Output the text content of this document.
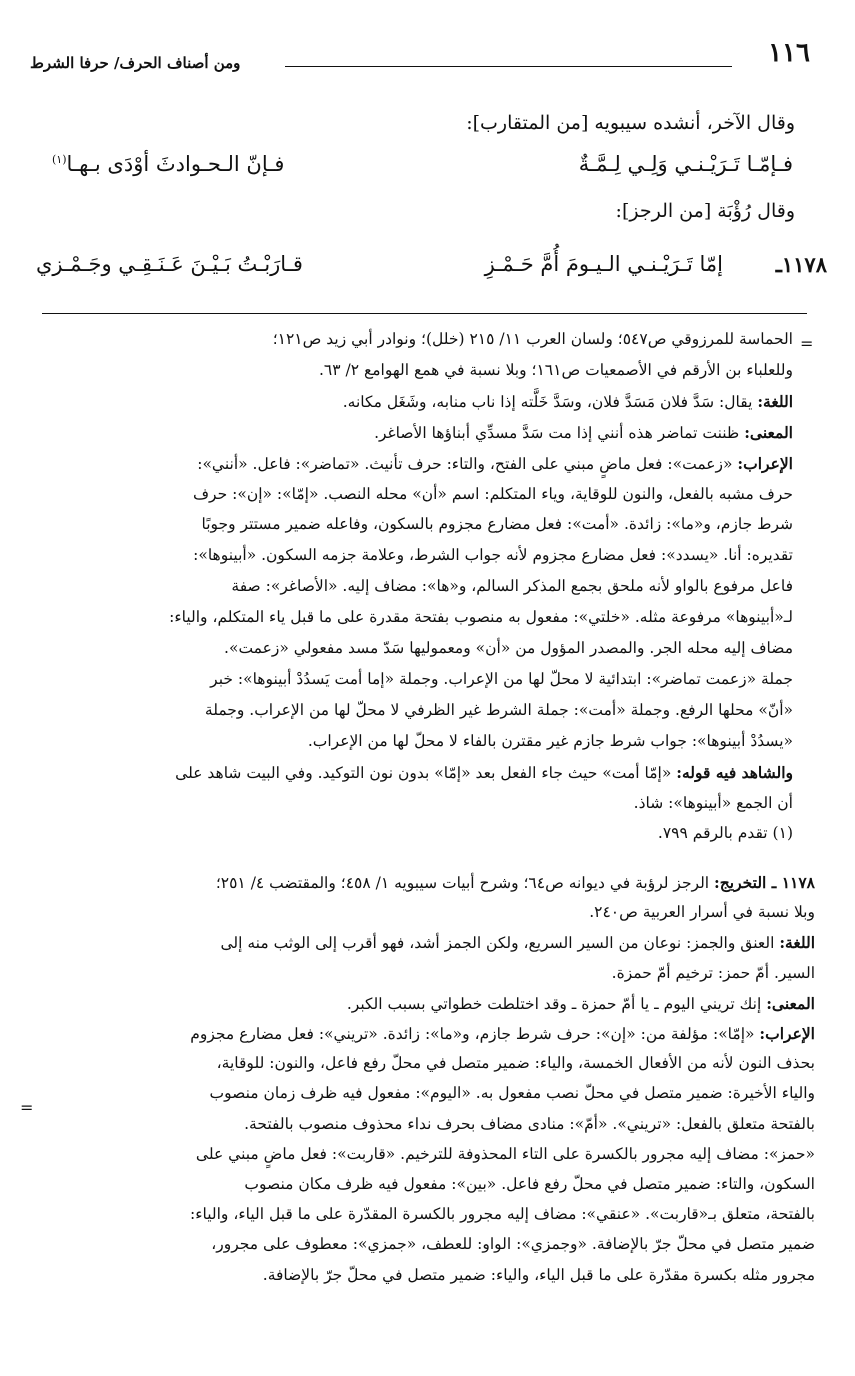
١١٦
ومن أصناف الحرف/ حرفا الشرط
وقال الآخر، أنشده سيبويه [من المتقارب]:
فـإمّـا تَـرَيْـنـي وَلِـي لِـمَّـةٌ
فـإنّ الـحـوادثَ أوْدَى بـهـا$^{(١)}$
وقال رُؤْبَة [من الرجز]:
١١٧٨ـ
إمّا تَـرَيْـنـي الـيـومَ أُمَّ حَـمْـزِ
قـارَبْـتُ بَـيْـنَ عَـنَـقِـي وجَـمْـزي
=
=
الحماسة للمرزوقي ص٥٤٧؛ ولسان العرب ١١/ ٢١٥ (خلل)؛ ونوادر أبي زيد ص١٢١؛
وللعلباء بن الأرقم في الأصمعيات ص١٦١؛ وبلا نسبة في همع الهوامع ٢/ ٦٣.
اللغة: يقال: سَدَّ فلان مَسَدَّ فلان، وسَدَّ خَلَّته إذا ناب منابه، وشَغَل مكانه.
المعنى: ظننت تماضر هذه أنني إذا مت سَدَّ مسدِّي أبناؤها الأصاغر.
الإعراب: «زعمت»: فعل ماضٍ مبني على الفتح، والتاء: حرف تأنيث. «تماضر»: فاعل. «أنني»:
حرف مشبه بالفعل، والنون للوقاية، وياء المتكلم: اسم «أن» محله النصب. «إمّا»: «إن»: حرف
شرط جازم، و«ما»: زائدة. «أمت»: فعل مضارع مجزوم بالسكون، وفاعله ضمير مستتر وجوبًا
تقديره: أنا. «يسدد»: فعل مضارع مجزوم لأنه جواب الشرط، وعلامة جزمه السكون. «أبينوها»:
فاعل مرفوع بالواو لأنه ملحق بجمع المذكر السالم، و«ها»: مضاف إليه. «الأصاغر»: صفة
لـ«أبينوها» مرفوعة مثله. «خلتي»: مفعول به منصوب بفتحة مقدرة على ما قبل ياء المتكلم، والياء:
مضاف إليه محله الجر. والمصدر المؤول من «أن» ومعموليها سَدّ مسد مفعولي «زعمت».
جملة «زعمت تماضر»: ابتدائية لا محلّ لها من الإعراب. وجملة «إما أمت يَسدُدْ أبينوها»: خبر
«أنّ» محلها الرفع. وجملة «أمت»: جملة الشرط غير الظرفي لا محلّ لها من الإعراب. وجملة
«يسدُدْ أبينوها»: جواب شرط جازم غير مقترن بالفاء لا محلّ لها من الإعراب.
والشاهد فيه قوله: «إمّا أمت» حيث جاء الفعل بعد «إمّا» بدون نون التوكيد. وفي البيت شاهد على
أن الجمع «أبينوها»: شاذ.
(١) تقدم بالرقم ٧٩٩.
١١٧٨ ـ التخريج: الرجز لرؤبة في ديوانه ص٦٤؛ وشرح أبيات سيبويه ١/ ٤٥٨؛ والمقتضب ٤/ ٢٥١؛
وبلا نسبة في أسرار العربية ص٢٤٠.
اللغة: العنق والجمز: نوعان من السير السريع، ولكن الجمز أشد، فهو أقرب إلى الوثب منه إلى
السير. أمّ حمز: ترخيم أمّ حمزة.
المعنى: إنك تريني اليوم ـ يا أمّ حمزة ـ وقد اختلطت خطواتي بسبب الكبر.
الإعراب: «إمّا»: مؤلفة من: «إن»: حرف شرط جازم، و«ما»: زائدة. «تريني»: فعل مضارع مجزوم
بحذف النون لأنه من الأفعال الخمسة، والياء: ضمير متصل في محلّ رفع فاعل، والنون: للوقاية،
والياء الأخيرة: ضمير متصل في محلّ نصب مفعول به. «اليوم»: مفعول فيه ظرف زمان منصوب
بالفتحة متعلق بالفعل: «تريني». «أمّ»: منادى مضاف بحرف نداء محذوف منصوب بالفتحة.
«حمز»: مضاف إليه مجرور بالكسرة على التاء المحذوفة للترخيم. «قاربت»: فعل ماضٍ مبني على
السكون، والتاء: ضمير متصل في محلّ رفع فاعل. «بين»: مفعول فيه ظرف مكان منصوب
بالفتحة، متعلق بـ«قاربت». «عنقي»: مضاف إليه مجرور بالكسرة المقدّرة على ما قبل الياء، والياء:
ضمير متصل في محلّ جرّ بالإضافة. «وجمزي»: الواو: للعطف، «جمزي»: معطوف على مجرور،
مجرور مثله بكسرة مقدّرة على ما قبل الياء، والياء: ضمير متصل في محلّ جرّ بالإضافة.
